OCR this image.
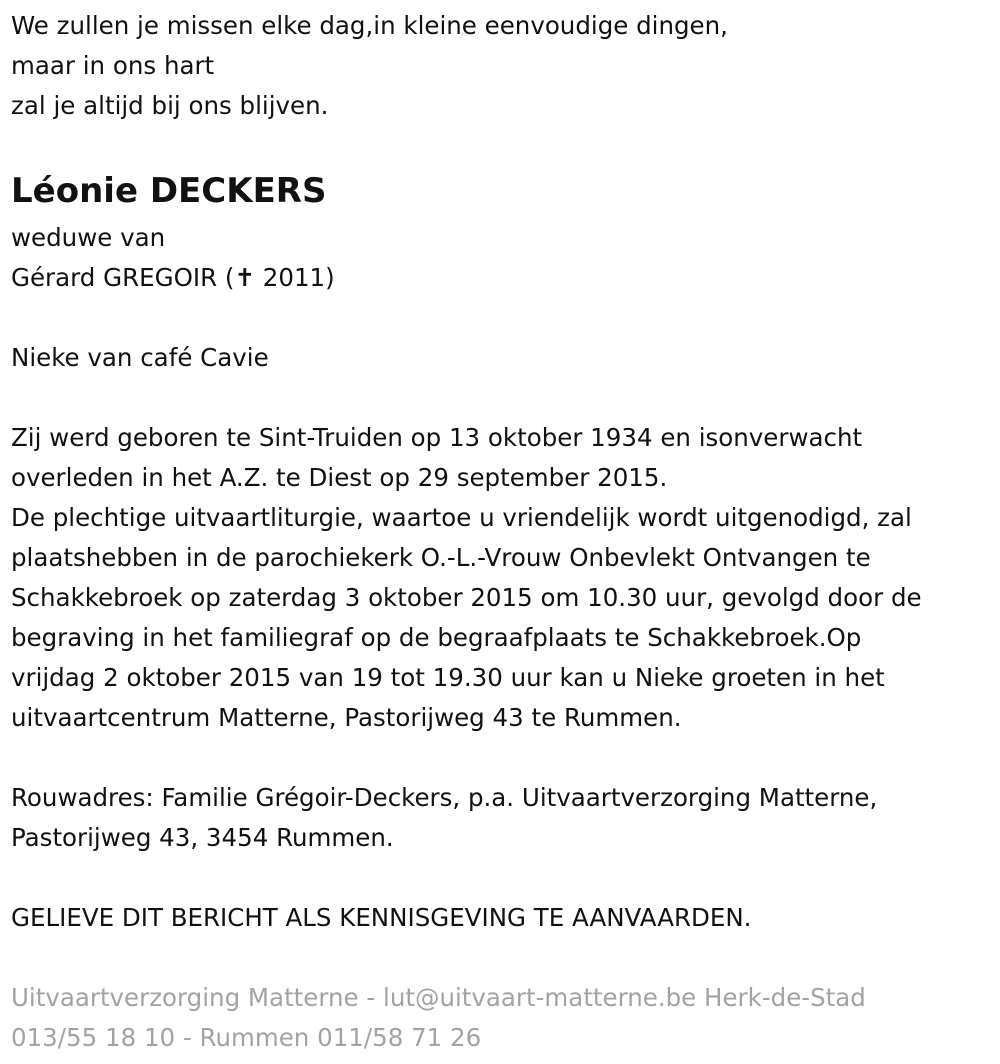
We zullen je missen elke dag,in kleine eenvoudige dingen,
maar in ons hart
zal je altijd bij ons blijven.
Léonie DECKERS
weduwe van
Gérard GREGOIR (✝ 2011)
Nieke van café Cavie
Zij werd geboren te Sint-Truiden op 13 oktober 1934 en isonverwacht
overleden in het A.Z. te Diest op 29 september 2015.
De plechtige uitvaartliturgie, waartoe u vriendelijk wordt uitgenodigd, zal
plaatshebben in de parochiekerk O.-L.-Vrouw Onbevlekt Ontvangen te
Schakkebroek op zaterdag 3 oktober 2015 om 10.30 uur, gevolgd door de
begraving in het familiegraf op de begraafplaats te Schakkebroek.Op
vrijdag 2 oktober 2015 van 19 tot 19.30 uur kan u Nieke groeten in het
uitvaartcentrum Matterne, Pastorijweg 43 te Rummen.
Rouwadres: Familie Grégoir-Deckers, p.a. Uitvaartverzorging Matterne,
Pastorijweg 43, 3454 Rummen.
GELIEVE DIT BERICHT ALS KENNISGEVING TE AANVAARDEN.
Uitvaartverzorging Matterne - lut@uitvaart-matterne.be Herk-de-Stad
013/55 18 10 - Rummen 011/58 71 26
